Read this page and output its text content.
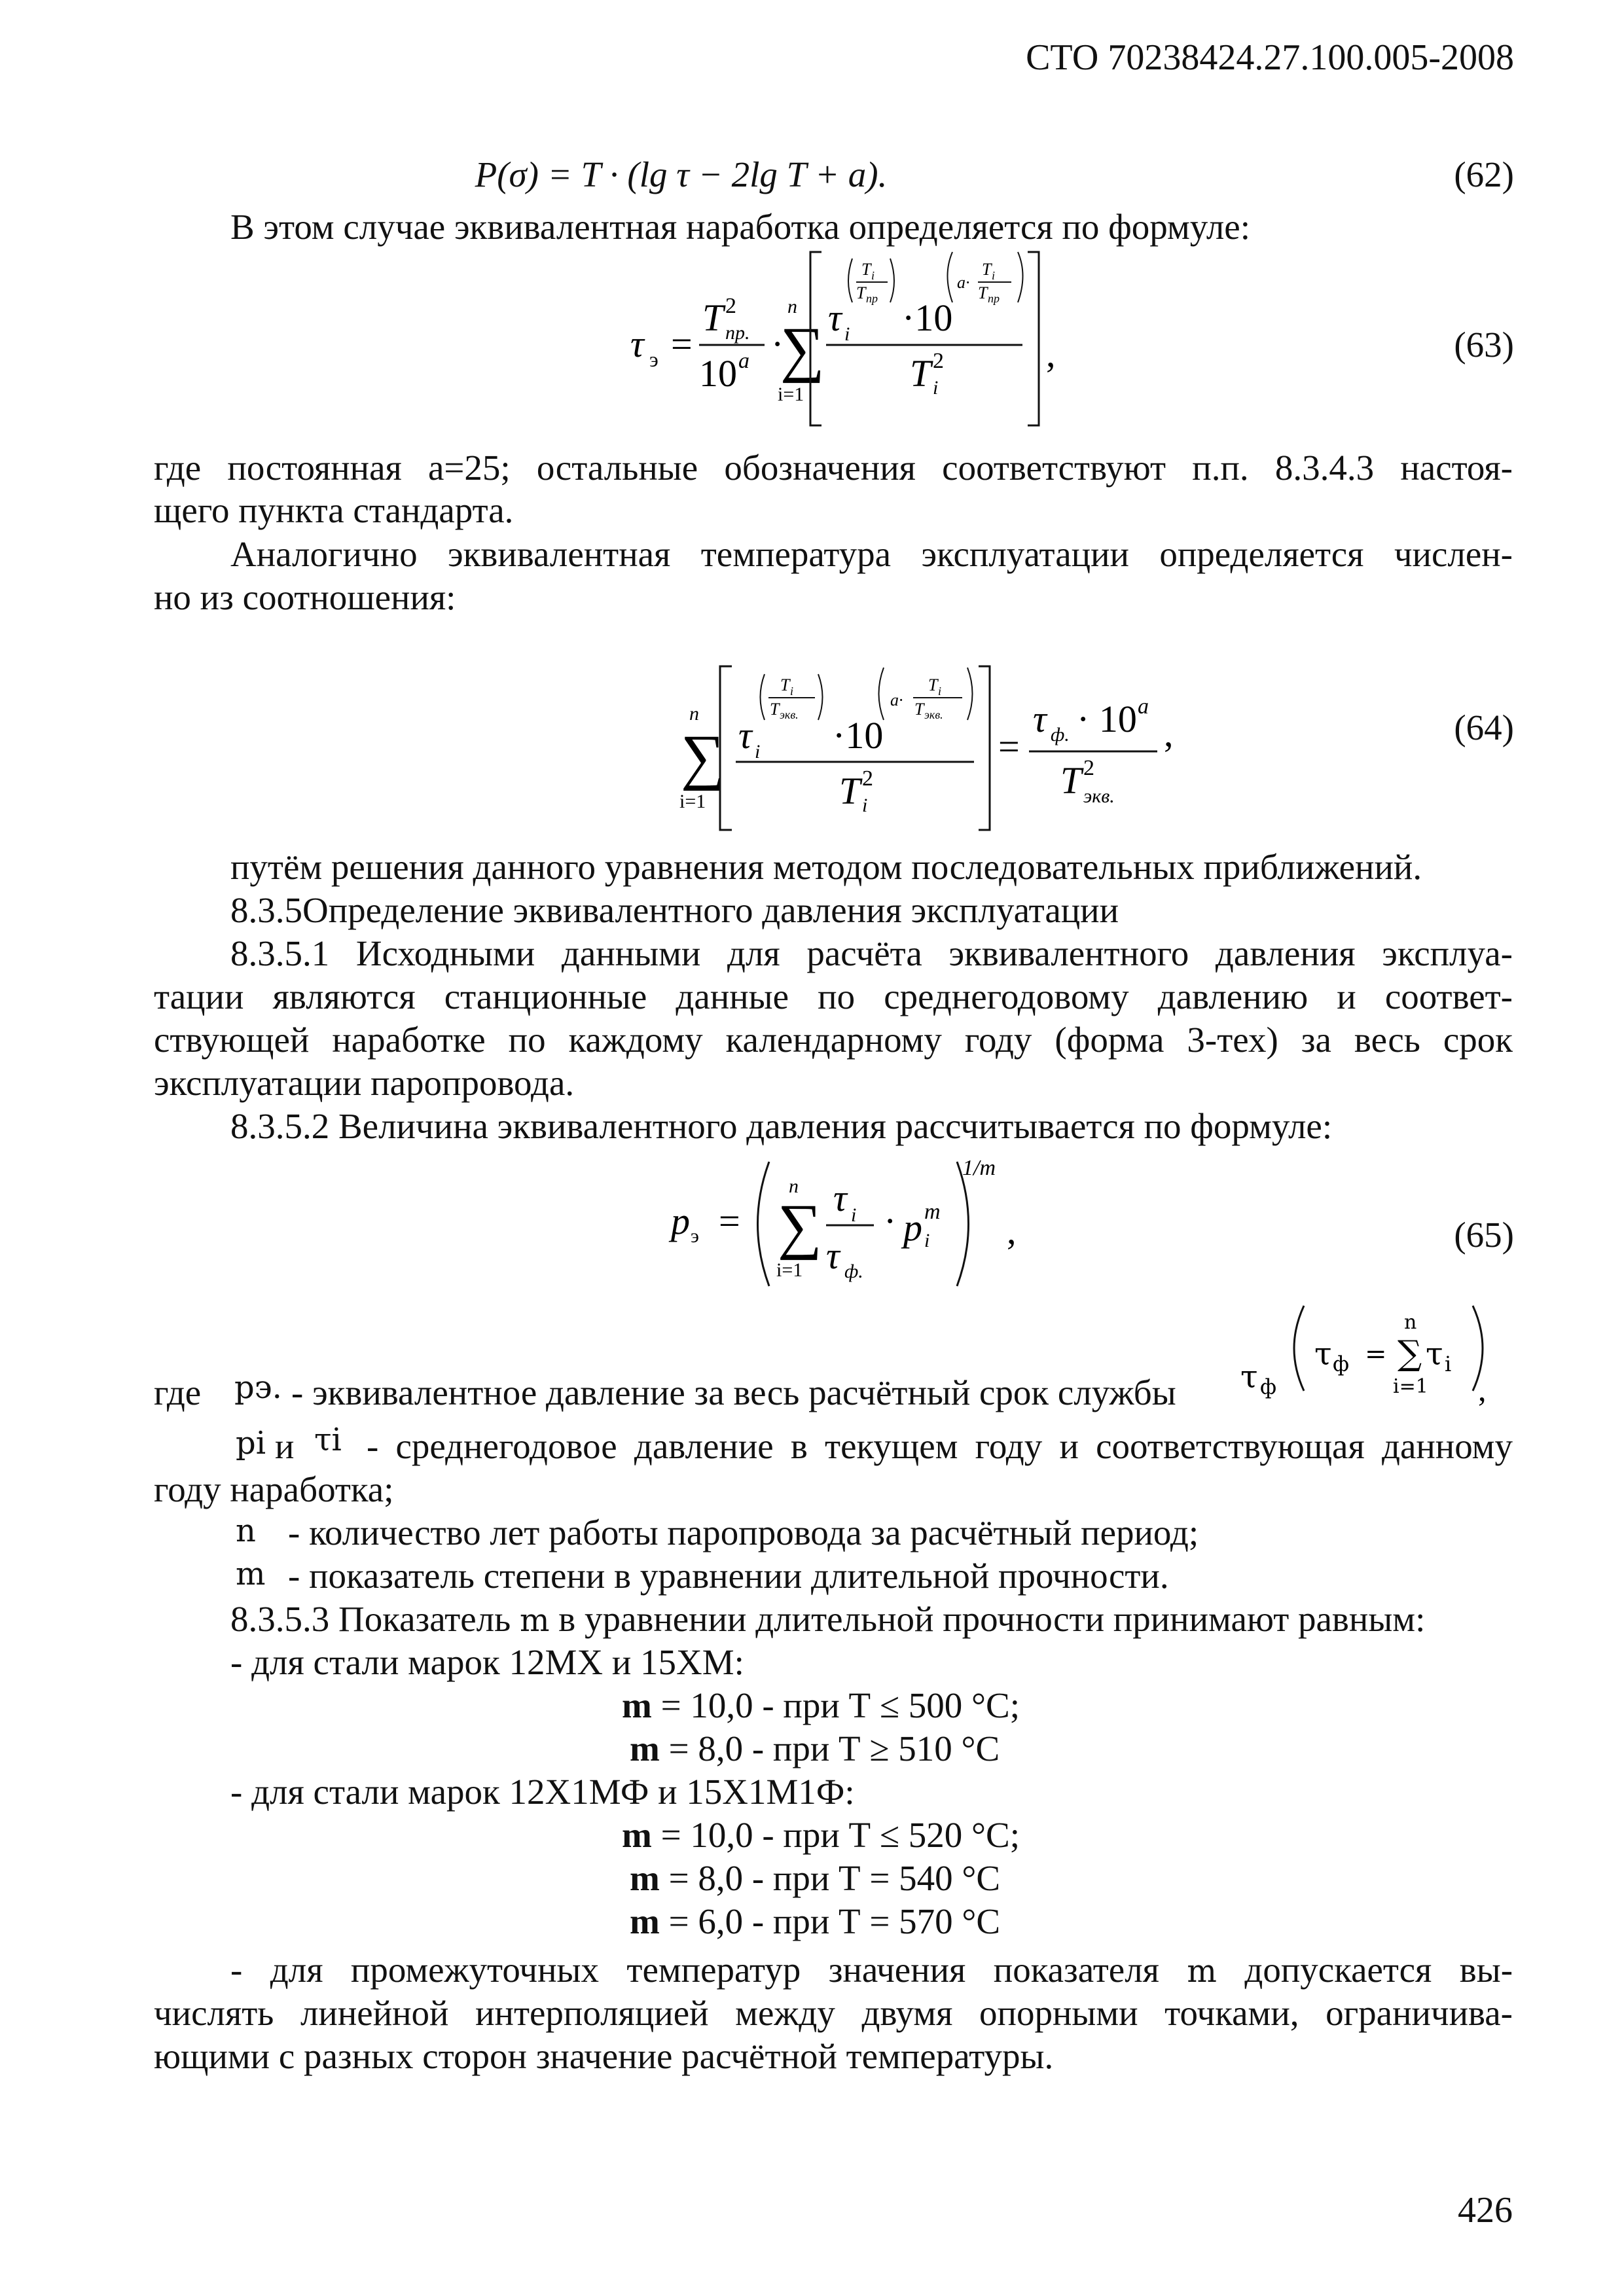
СТО 70238424.27.100.005-2008
P(σ) = T · (lg τ − 2lg T + a).	(62)
В этом случае эквивалентная наработка определяется по формуле:
τ э =
T 2
пр.
10 a ·
n
∑
i=1
τ i
T i
T пр ·10
a·
T i
T пр
T 2
i
,	(63)
где постоянная а=25; остальные обозначения соответствуют п.п. 8.3.4.3 настоя-
щего пункта стандарта.
Аналогично эквивалентная температура эксплуатации определяется числен-
но из соотношения:
n
∑
i=1
τ i
T i
T экв. ·10
a·
T i
T экв.
T 2
i
=
τ ф. · 10 a
T 2
экв.
,	(64)
путём решения данного уравнения методом последовательных приближений.
8.3.5Определение эквивалентного давления эксплуатации
8.3.5.1 Исходными данными для расчёта эквивалентного давления эксплуа-
тации являются станционные данные по среднегодовому давлению и соответ-
ствующей наработке по каждому календарному году (форма 3-тех) за весь срок
эксплуатации паропровода.
8.3.5.2 Величина эквивалентного давления рассчитывается по формуле:
p э =
n
∑
i=1
τ i
τ ф.
· p m
i
1/m
,	(65)
где pэ. - эквивалентное давление за весь расчётный срок службы τ ф
τ ф =
n
∑
i=1
τ i
,
pi и τi - среднегодовое давление в текущем году и соответствующая данному
году наработка;
n - количество лет работы паропровода за расчётный период;
m - показатель степени в уравнении длительной прочности.
8.3.5.3 Показатель m в уравнении длительной прочности принимают равным:
- для стали марок 12МХ и 15ХМ:
m = 10,0 - при Т ≤ 500 °С;
m = 8,0 - при Т ≥ 510 °С
- для стали марок 12Х1МФ и 15Х1М1Ф:
m = 10,0 - при Т ≤ 520 °С;
m = 8,0 - при Т = 540 °С
m = 6,0 - при Т = 570 °С
- для промежуточных температур значения показателя m допускается вы-
числять линейной интерполяцией между двумя опорными точками, ограничива-
ющими с разных сторон значение расчётной температуры.
426
